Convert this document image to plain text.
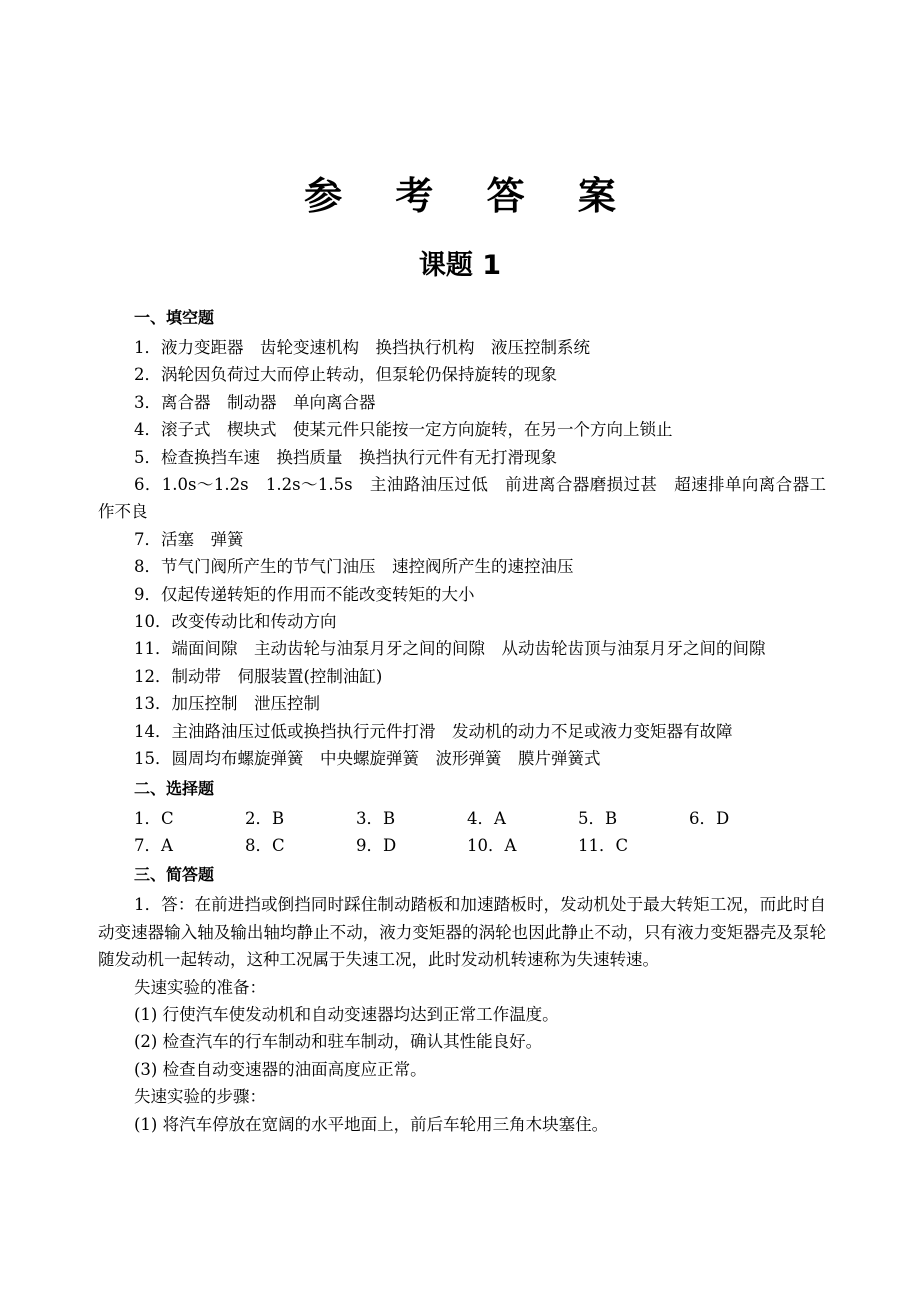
参 考 答 案
课题 1
一、填空题
1．液力变距器　齿轮变速机构　换挡执行机构　液压控制系统
2．涡轮因负荷过大而停止转动，但泵轮仍保持旋转的现象
3．离合器　制动器　单向离合器
4．滚子式　楔块式　使某元件只能按一定方向旋转，在另一个方向上锁止
5．检查换挡车速　换挡质量　换挡执行元件有无打滑现象
6．1.0s～1.2s　1.2s～1.5s　主油路油压过低　前进离合器磨损过甚　超速排单向离合器工作不良
7．活塞　弹簧
8．节气门阀所产生的节气门油压　速控阀所产生的速控油压
9．仅起传递转矩的作用而不能改变转矩的大小
10．改变传动比和传动方向
11．端面间隙　主动齿轮与油泵月牙之间的间隙　从动齿轮齿顶与油泵月牙之间的间隙
12．制动带　伺服装置(控制油缸)
13．加压控制　泄压控制
14．主油路油压过低或换挡执行元件打滑　发动机的动力不足或液力变矩器有故障
15．圆周均布螺旋弹簧　中央螺旋弹簧　波形弹簧　膜片弹簧式
二、选择题
1．C	2．B	3．B	4．A	5．B	6．D
7．A	8．C	9．D	10．A	11．C
三、简答题
1．答：在前进挡或倒挡同时踩住制动踏板和加速踏板时，发动机处于最大转矩工况，而此时自动变速器输入轴及输出轴均静止不动，液力变矩器的涡轮也因此静止不动，只有液力变矩器壳及泵轮随发动机一起转动，这种工况属于失速工况，此时发动机转速称为失速转速。
失速实验的准备：
(1) 行使汽车使发动机和自动变速器均达到正常工作温度。
(2) 检查汽车的行车制动和驻车制动，确认其性能良好。
(3) 检查自动变速器的油面高度应正常。
失速实验的步骤：
(1) 将汽车停放在宽阔的水平地面上，前后车轮用三角木块塞住。
